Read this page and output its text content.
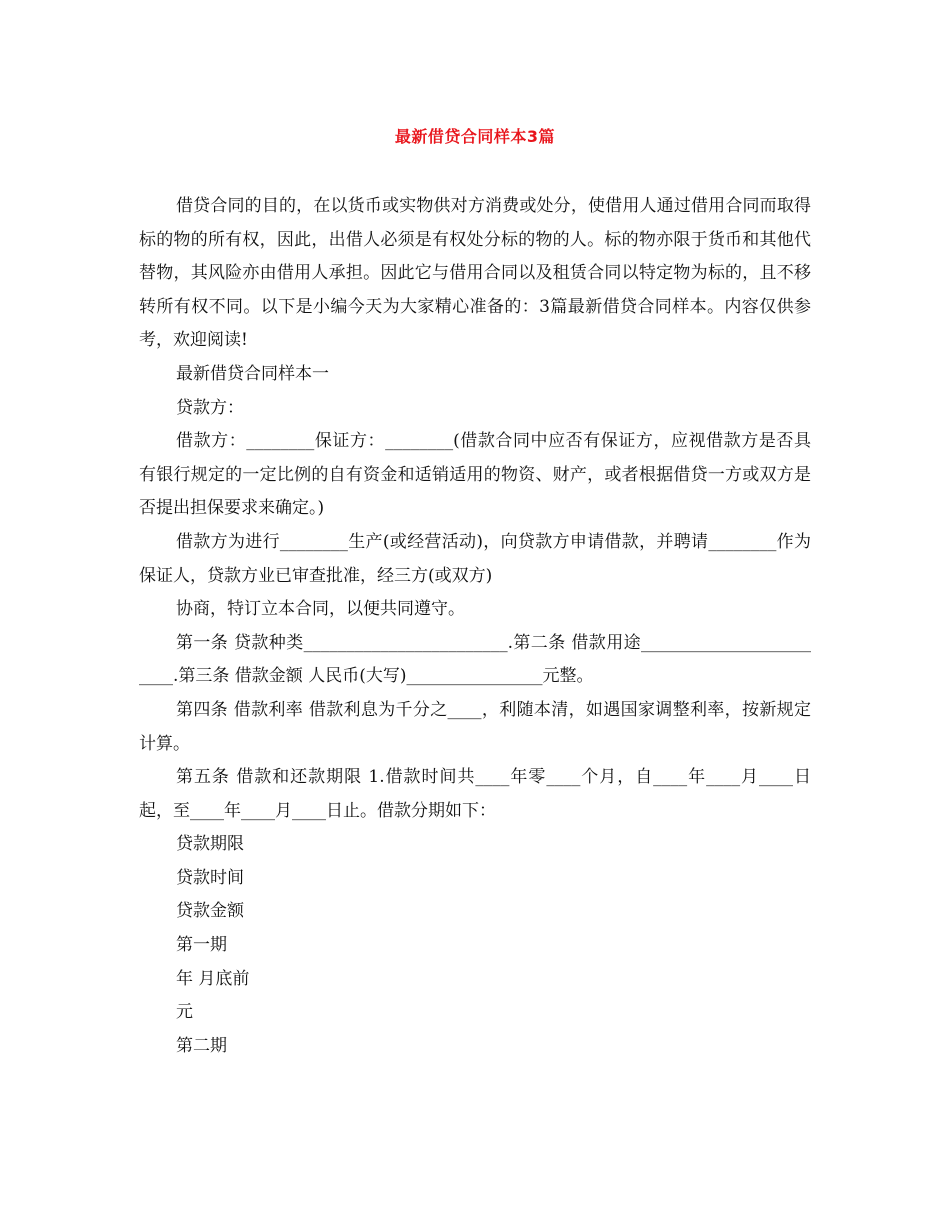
最新借贷合同样本3篇

借贷合同的目的，在以货币或实物供对方消费或处分，使借用人通过借用合同而取得标的物的所有权，因此，出借人必须是有权处分标的物的人。标的物亦限于货币和其他代替物，其风险亦由借用人承担。因此它与借用合同以及租赁合同以特定物为标的，且不移转所有权不同。以下是小编今天为大家精心准备的：3篇最新借贷合同样本。内容仅供参考，欢迎阅读!

最新借贷合同样本一

贷款方：

借款方：________保证方：________(借款合同中应否有保证方，应视借款方是否具有银行规定的一定比例的自有资金和适销适用的物资、财产，或者根据借贷一方或双方是否提出担保要求来确定。)

借款方为进行________生产(或经营活动)，向贷款方申请借款，并聘请________作为保证人，贷款方业已审查批准，经三方(或双方)

协商，特订立本合同，以便共同遵守。

第一条 贷款种类________________________.第二条 借款用途________________________.第三条 借款金额 人民币(大写)________________元整。

第四条 借款利率 借款利息为千分之____，利随本清，如遇国家调整利率，按新规定计算。

第五条 借款和还款期限 1.借款时间共____年零____个月，自____年____月____日起，至____年____月____日止。借款分期如下：

贷款期限

贷款时间

贷款金额

第一期

年 月底前

元

第二期
